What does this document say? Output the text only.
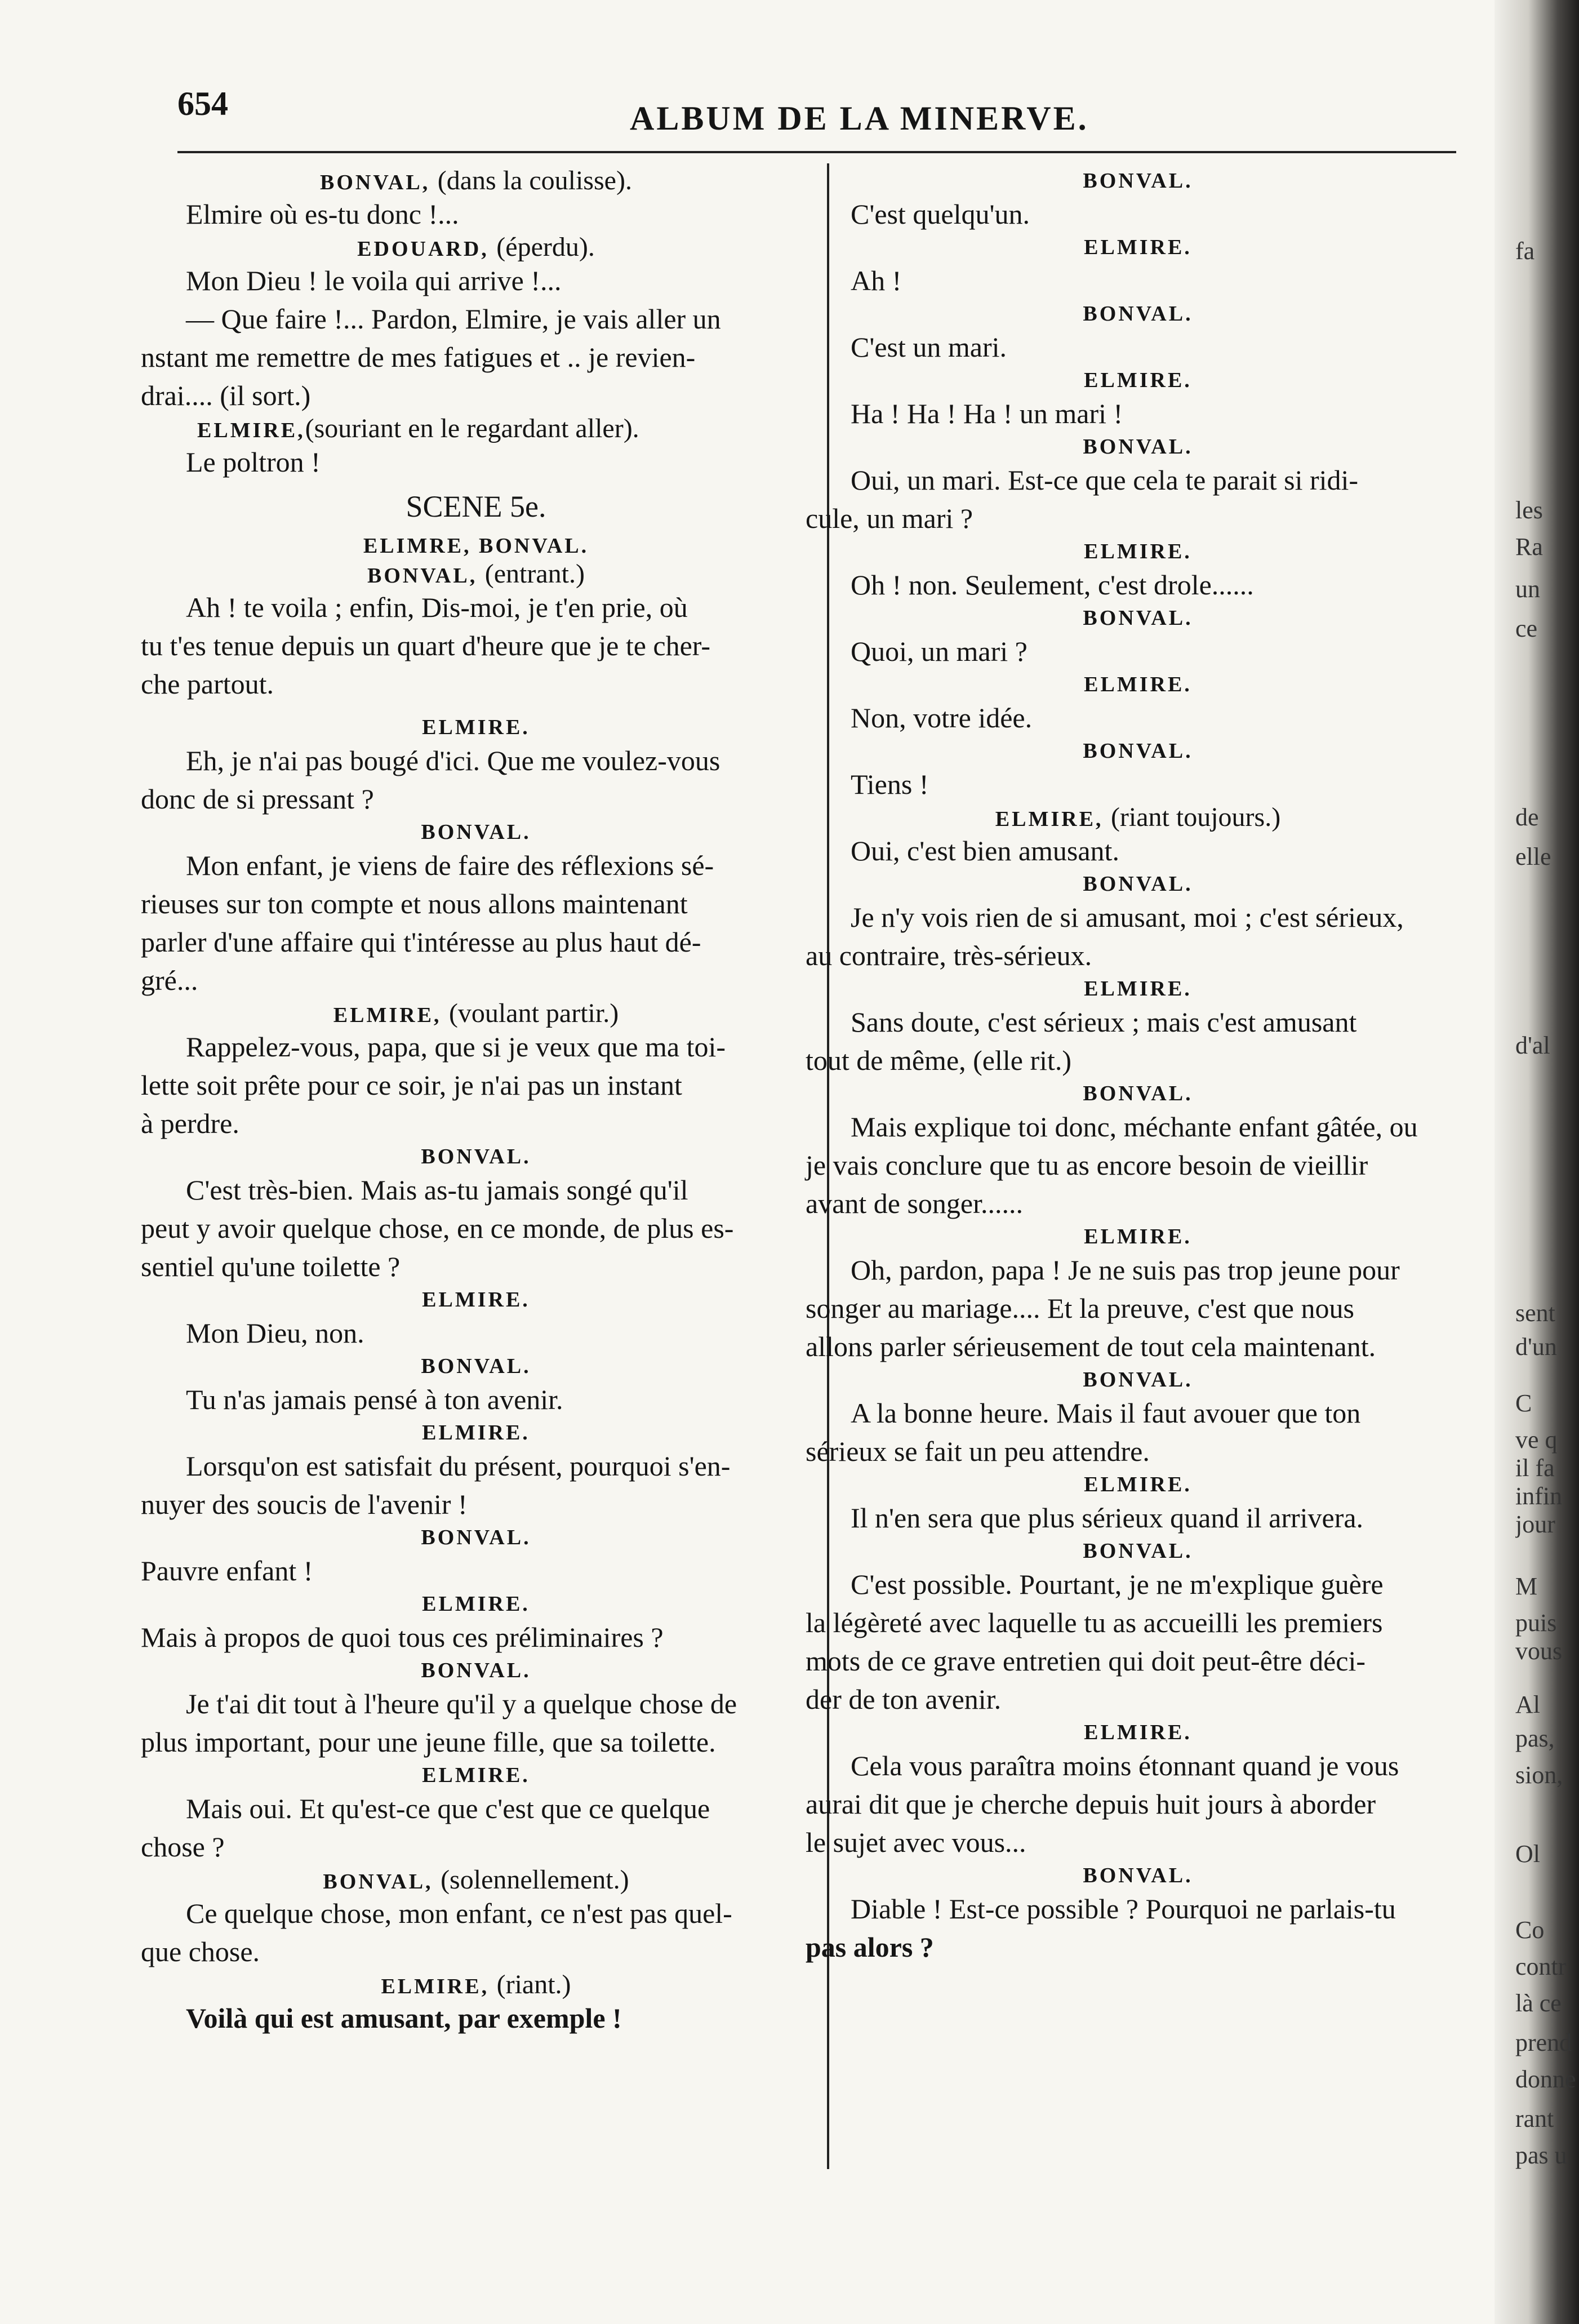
654	ALBUM DE LA MINERVE.

BONVAL, (dans la coulisse).

Elmire où es-tu donc !...

EDOUARD, (éperdu).

Mon Dieu ! le voila qui arrive !...

— Que faire !... Pardon, Elmire, je vais aller un

nstant me remettre de mes fatigues et .. je revien-

drai.... (il sort.)

ELMIRE,(souriant en le regardant aller).

Le poltron !

SCENE 5e.

ELIMRE, BONVAL.

BONVAL, (entrant.)

Ah ! te voila ; enfin, Dis-moi, je t'en prie, où

tu t'es tenue depuis un quart d'heure que je te cher-

che partout.

ELMIRE.

Eh, je n'ai pas bougé d'ici. Que me voulez-vous

donc de si pressant ?

BONVAL.

Mon enfant, je viens de faire des réflexions sé-

rieuses sur ton compte et nous allons maintenant

parler d'une affaire qui t'intéresse au plus haut dé-

gré...

ELMIRE, (voulant partir.)

Rappelez-vous, papa, que si je veux que ma toi-

lette soit prête pour ce soir, je n'ai pas un instant

à perdre.

BONVAL.

C'est très-bien. Mais as-tu jamais songé qu'il

peut y avoir quelque chose, en ce monde, de plus es-

sentiel qu'une toilette ?

ELMIRE.

Mon Dieu, non.

BONVAL.

Tu n'as jamais pensé à ton avenir.

ELMIRE.

Lorsqu'on est satisfait du présent, pourquoi s'en-

nuyer des soucis de l'avenir !

BONVAL.

Pauvre enfant !

ELMIRE.

Mais à propos de quoi tous ces préliminaires ?

BONVAL.

Je t'ai dit tout à l'heure qu'il y a quelque chose de

plus important, pour une jeune fille, que sa toilette.

ELMIRE.

Mais oui. Et qu'est-ce que c'est que ce quelque

chose ?

BONVAL, (solennellement.)

Ce quelque chose, mon enfant, ce n'est pas quel-

que chose.

ELMIRE, (riant.)

Voilà qui est amusant, par exemple !

BONVAL.

C'est quelqu'un.

ELMIRE.

Ah !

BONVAL.

C'est un mari.

ELMIRE.

Ha ! Ha ! Ha ! un mari !

BONVAL.

Oui, un mari. Est-ce que cela te parait si ridi-

cule, un mari ?

ELMIRE.

Oh ! non. Seulement, c'est drole......

BONVAL.

Quoi, un mari ?

ELMIRE.

Non, votre idée.

BONVAL.

Tiens !

ELMIRE, (riant toujours.)

Oui, c'est bien amusant.

BONVAL.

Je n'y vois rien de si amusant, moi ; c'est sérieux,

au contraire, très-sérieux.

ELMIRE.

Sans doute, c'est sérieux ; mais c'est amusant

tout de même, (elle rit.)

BONVAL.

Mais explique toi donc, méchante enfant gâtée, ou

je vais conclure que tu as encore besoin de vieillir

avant de songer......

ELMIRE.

Oh, pardon, papa ! Je ne suis pas trop jeune pour

songer au mariage.... Et la preuve, c'est que nous

allons parler sérieusement de tout cela maintenant.

BONVAL.

A la bonne heure. Mais il faut avouer que ton

sérieux se fait un peu attendre.

ELMIRE.

Il n'en sera que plus sérieux quand il arrivera.

BONVAL.

C'est possible. Pourtant, je ne m'explique guère

la légèreté avec laquelle tu as accueilli les premiers

mots de ce grave entretien qui doit peut-être déci-

der de ton avenir.

ELMIRE.

Cela vous paraîtra moins étonnant quand je vous

aurai dit que je cherche depuis huit jours à aborder

le sujet avec vous...

BONVAL.

Diable ! Est-ce possible ? Pourquoi ne parlais-tu

pas alors ?

fa
les
Ra
un
ce
de
elle
d'al
sent
d'un
C
ve q
il fa
infin
jour
M
puis
vous
Al
pas,
sion,
Ol
Co
contr
là ce
prend
donne
rant
pas u
